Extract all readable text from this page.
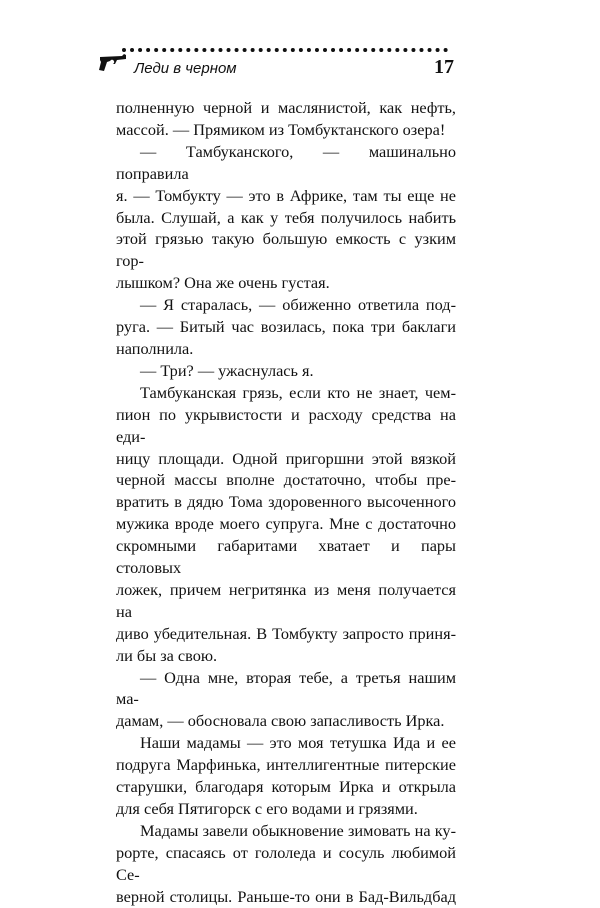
Леди в черном	17

полненную черной и маслянистой, как нефть,

массой. — Прямиком из Томбуктанского озера!

— Тамбуканского, — машинально поправила

я. — Томбукту — это в Африке, там ты еще не

была. Слушай, а как у тебя получилось набить

этой грязью такую большую емкость с узким гор-

лышком? Она же очень густая.

— Я старалась, — обиженно ответила под-

руга. — Битый час возилась, пока три баклаги

наполнила.

— Три? — ужаснулась я.

Тамбуканская грязь, если кто не знает, чем-

пион по укрывистости и расходу средства на еди-

ницу площади. Одной пригоршни этой вязкой

черной массы вполне достаточно, чтобы пре-

вратить в дядю Тома здоровенного высоченного

мужика вроде моего супруга. Мне с достаточно

скромными габаритами хватает и пары столовых

ложек, причем негритянка из меня получается на

диво убедительная. В Томбукту запросто приня-

ли бы за свою.

— Одна мне, вторая тебе, а третья нашим ма-

дамам, — обосновала свою запасливость Ирка.

Наши мадамы — это моя тетушка Ида и ее

подруга Марфинька, интеллигентные питерские

старушки, благодаря которым Ирка и открыла

для себя Пятигорск с его водами и грязями.

Мадамы завели обыкновение зимовать на ку-

рорте, спасаясь от гололеда и сосуль любимой Се-

верной столицы. Раньше-то они в Бад-Вильдбад
